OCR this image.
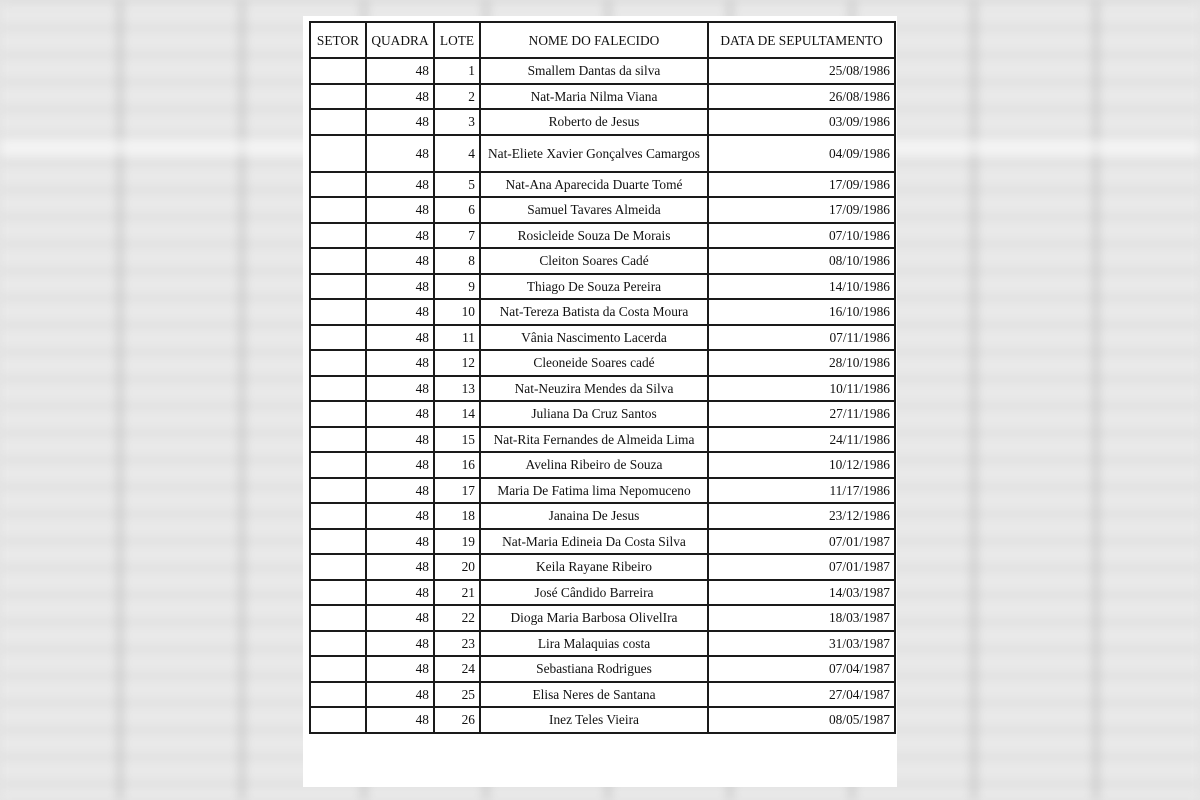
SETOR	QUADRA	LOTE	NOME DO FALECIDO	DATA DE SEPULTAMENTO
	48	1	Smallem Dantas da silva	25/08/1986
	48	2	Nat-Maria Nilma Viana	26/08/1986
	48	3	Roberto de Jesus	03/09/1986
	48	4	Nat-Eliete Xavier Gonçalves Camargos	04/09/1986
	48	5	Nat-Ana Aparecida Duarte Tomé	17/09/1986
	48	6	Samuel Tavares Almeida	17/09/1986
	48	7	Rosicleide Souza De Morais	07/10/1986
	48	8	Cleiton Soares Cadé	08/10/1986
	48	9	Thiago De Souza Pereira	14/10/1986
	48	10	Nat-Tereza Batista da Costa Moura	16/10/1986
	48	11	Vânia Nascimento Lacerda	07/11/1986
	48	12	Cleoneide Soares cadé	28/10/1986
	48	13	Nat-Neuzira Mendes da Silva	10/11/1986
	48	14	Juliana Da Cruz Santos	27/11/1986
	48	15	Nat-Rita Fernandes de Almeida Lima	24/11/1986
	48	16	Avelina Ribeiro de Souza	10/12/1986
	48	17	Maria De Fatima lima Nepomuceno	11/17/1986
	48	18	Janaina De Jesus	23/12/1986
	48	19	Nat-Maria Edineia Da Costa Silva	07/01/1987
	48	20	Keila Rayane Ribeiro	07/01/1987
	48	21	José Cândido Barreira	14/03/1987
	48	22	Dioga Maria Barbosa OlivelIra	18/03/1987
	48	23	Lira Malaquias costa	31/03/1987
	48	24	Sebastiana Rodrigues	07/04/1987
	48	25	Elisa Neres de Santana	27/04/1987
	48	26	Inez Teles Vieira	08/05/1987
